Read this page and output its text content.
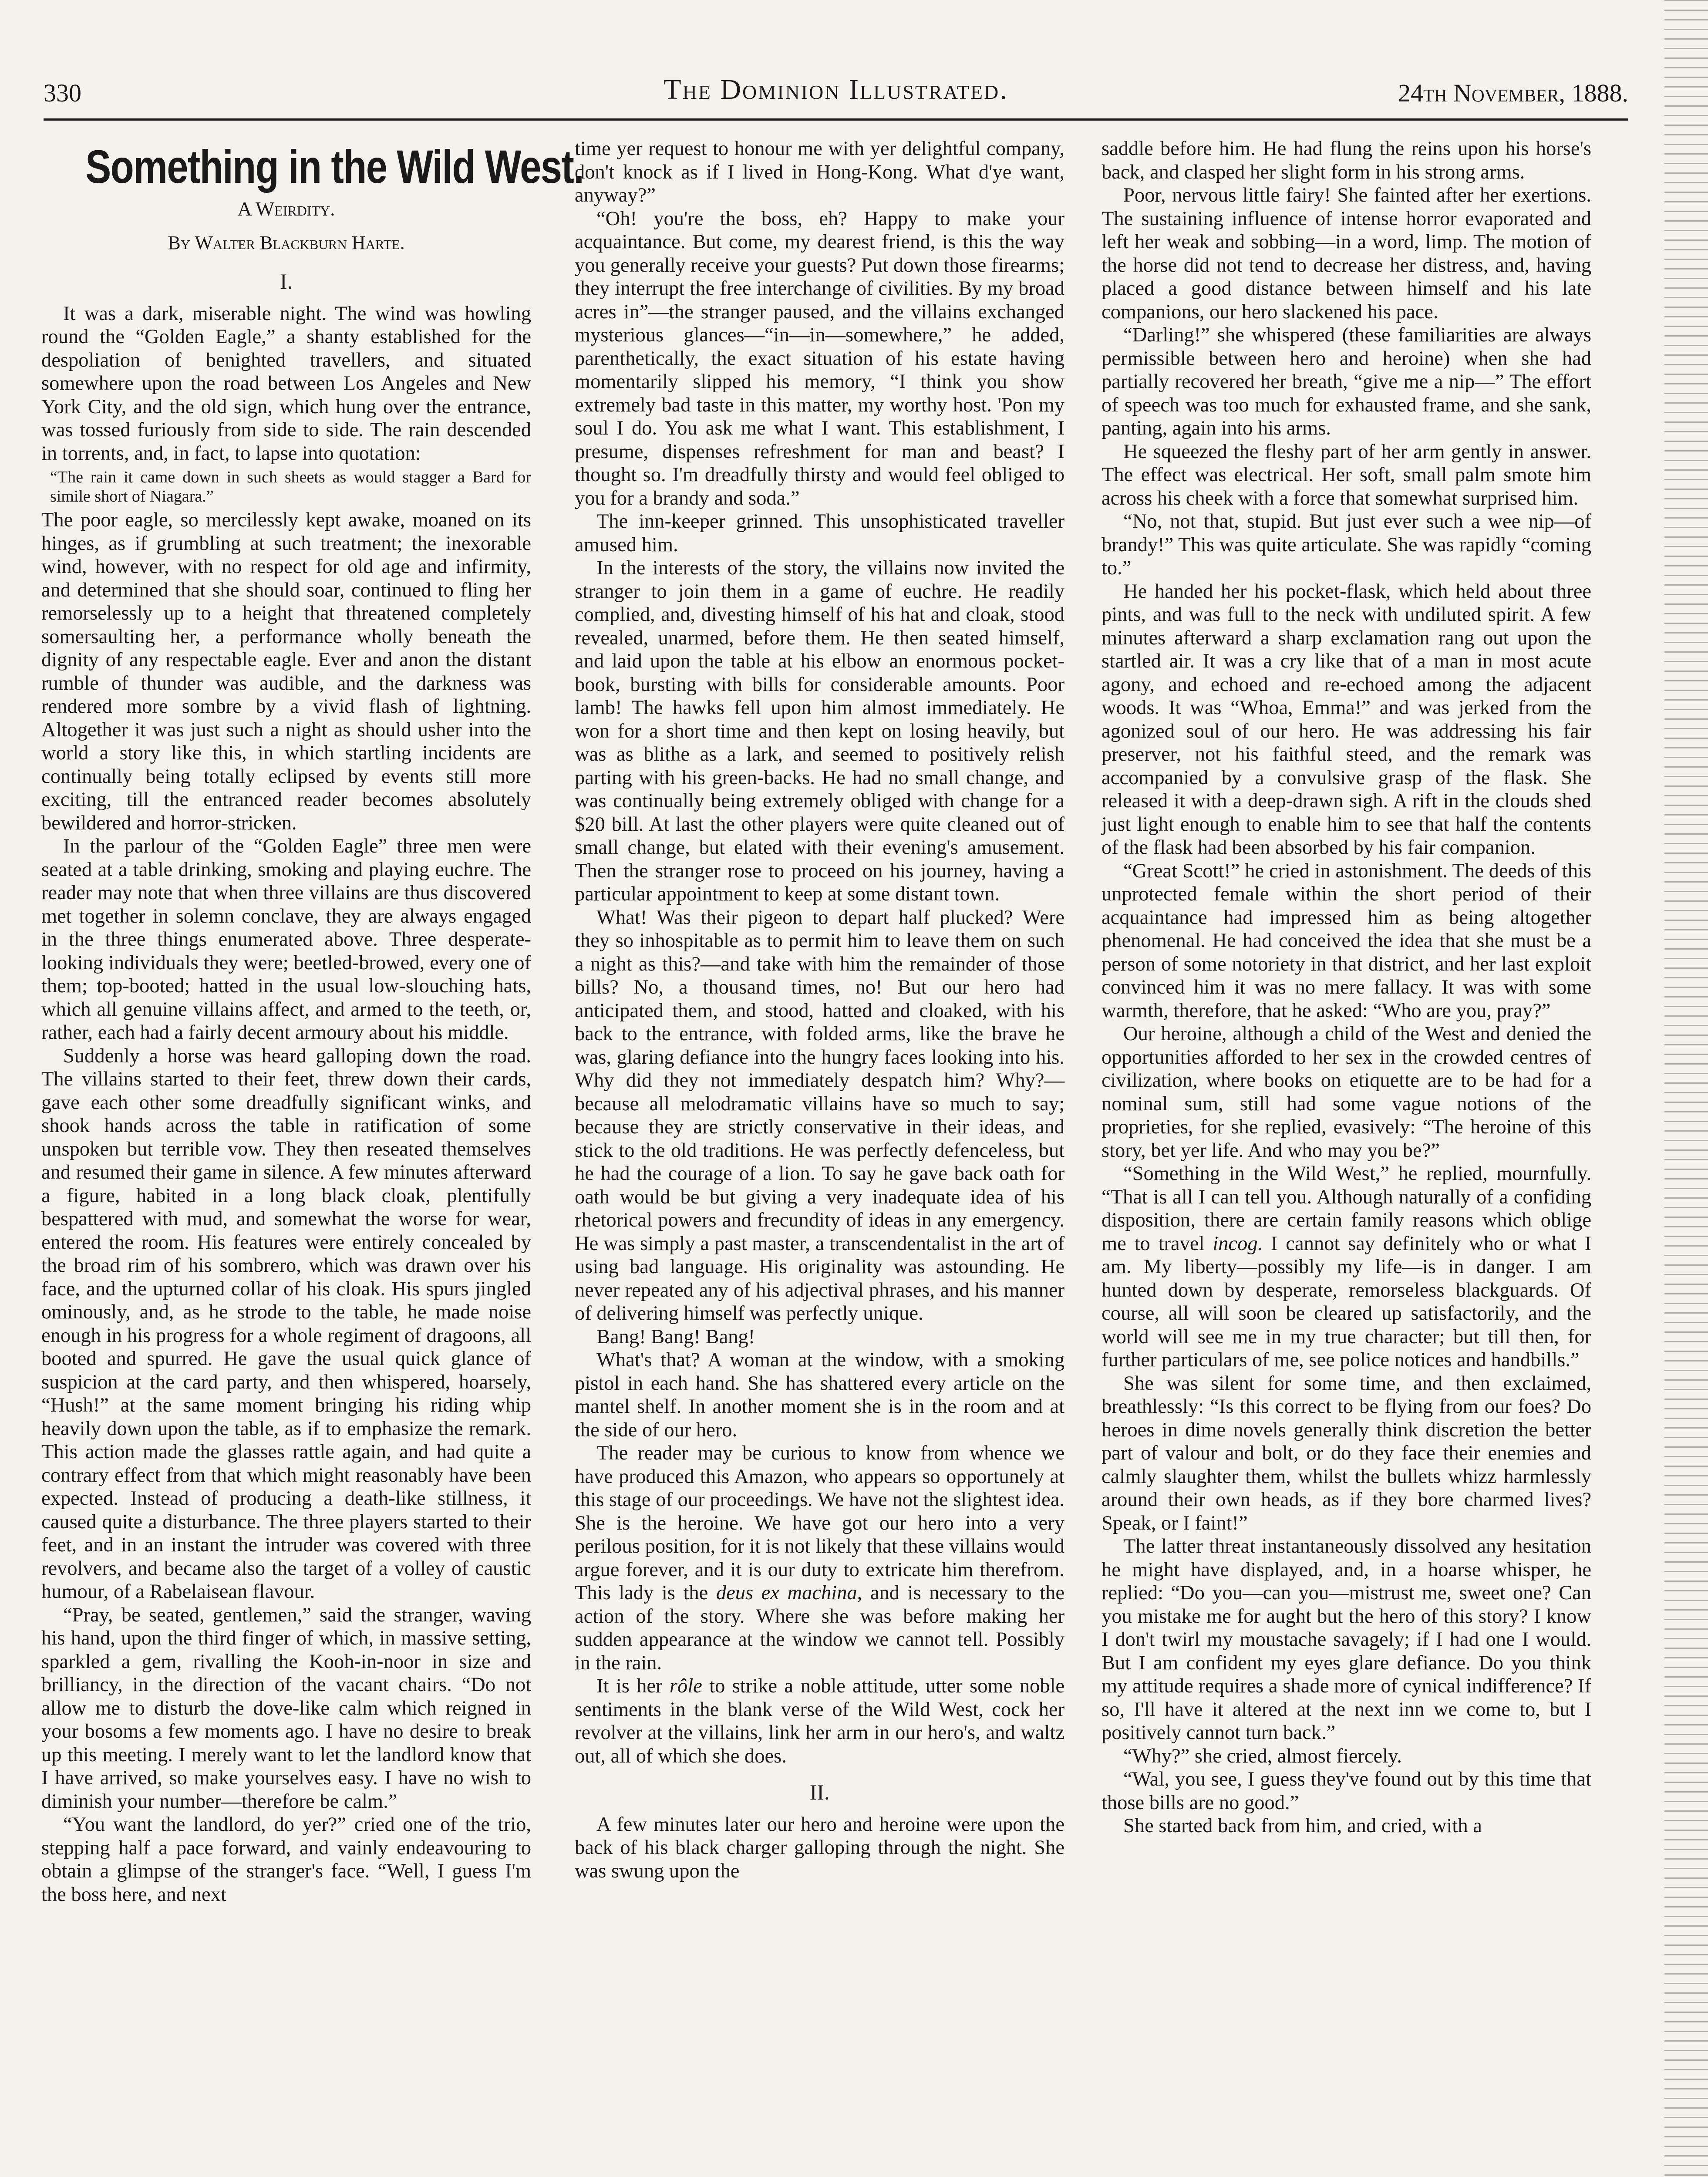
330	The Dominion Illustrated.	24th November, 1888.
Something in the Wild West.
A Weirdity.
By Walter Blackburn Harte.
I.

It was a dark, miserable night. The wind was howling round the “Golden Eagle,” a shanty established for the despoliation of benighted travellers, and situated somewhere upon the road between Los Angeles and New York City, and the old sign, which hung over the entrance, was tossed furiously from side to side. The rain descended in torrents, and, in fact, to lapse into quotation:

“The rain it came down in such sheets as would stagger a Bard for simile short of Niagara.”

The poor eagle, so mercilessly kept awake, moaned on its hinges, as if grumbling at such treatment; the inexorable wind, however, with no respect for old age and infirmity, and determined that she should soar, continued to fling her remorselessly up to a height that threatened completely somersaulting her, a performance wholly beneath the dignity of any respectable eagle. Ever and anon the distant rumble of thunder was audible, and the darkness was rendered more sombre by a vivid flash of lightning. Altogether it was just such a night as should usher into the world a story like this, in which startling incidents are continually being totally eclipsed by events still more exciting, till the entranced reader becomes absolutely bewildered and horror-stricken.

In the parlour of the “Golden Eagle” three men were seated at a table drinking, smoking and playing euchre. The reader may note that when three villains are thus discovered met together in solemn conclave, they are always engaged in the three things enumerated above. Three desperate-looking individuals they were; beetled-browed, every one of them; top-booted; hatted in the usual low-slouching hats, which all genuine villains affect, and armed to the teeth, or, rather, each had a fairly decent armoury about his middle.

Suddenly a horse was heard galloping down the road. The villains started to their feet, threw down their cards, gave each other some dreadfully significant winks, and shook hands across the table in ratification of some unspoken but terrible vow. They then reseated themselves and resumed their game in silence. A few minutes afterward a figure, habited in a long black cloak, plentifully bespattered with mud, and somewhat the worse for wear, entered the room. His features were entirely concealed by the broad rim of his sombrero, which was drawn over his face, and the upturned collar of his cloak. His spurs jingled ominously, and, as he strode to the table, he made noise enough in his progress for a whole regiment of dragoons, all booted and spurred. He gave the usual quick glance of suspicion at the card party, and then whispered, hoarsely, “Hush!” at the same moment bringing his riding whip heavily down upon the table, as if to emphasize the remark. This action made the glasses rattle again, and had quite a contrary effect from that which might reasonably have been expected. Instead of producing a death-like stillness, it caused quite a disturbance. The three players started to their feet, and in an instant the intruder was covered with three revolvers, and became also the target of a volley of caustic humour, of a Rabelaisean flavour.

“Pray, be seated, gentlemen,” said the stranger, waving his hand, upon the third finger of which, in massive setting, sparkled a gem, rivalling the Kooh-in-noor in size and brilliancy, in the direction of the vacant chairs. “Do not allow me to disturb the dove-like calm which reigned in your bosoms a few moments ago. I have no desire to break up this meeting. I merely want to let the landlord know that I have arrived, so make yourselves easy. I have no wish to diminish your number—therefore be calm.”

“You want the landlord, do yer?” cried one of the trio, stepping half a pace forward, and vainly endeavouring to obtain a glimpse of the stranger's face. “Well, I guess I'm the boss here, and next

time yer request to honour me with yer delightful company, don't knock as if I lived in Hong-Kong. What d'ye want, anyway?”

“Oh! you're the boss, eh? Happy to make your acquaintance. But come, my dearest friend, is this the way you generally receive your guests? Put down those firearms; they interrupt the free interchange of civilities. By my broad acres in”—the stranger paused, and the villains exchanged mysterious glances—“in—in—somewhere,” he added, parenthetically, the exact situation of his estate having momentarily slipped his memory, “I think you show extremely bad taste in this matter, my worthy host. 'Pon my soul I do. You ask me what I want. This establishment, I presume, dispenses refreshment for man and beast? I thought so. I'm dreadfully thirsty and would feel obliged to you for a brandy and soda.”

The inn-keeper grinned. This unsophisticated traveller amused him.

In the interests of the story, the villains now invited the stranger to join them in a game of euchre. He readily complied, and, divesting himself of his hat and cloak, stood revealed, unarmed, before them. He then seated himself, and laid upon the table at his elbow an enormous pocket-book, bursting with bills for considerable amounts. Poor lamb! The hawks fell upon him almost immediately. He won for a short time and then kept on losing heavily, but was as blithe as a lark, and seemed to positively relish parting with his green-backs. He had no small change, and was continually being extremely obliged with change for a $20 bill. At last the other players were quite cleaned out of small change, but elated with their evening's amusement. Then the stranger rose to proceed on his journey, having a particular appointment to keep at some distant town.

What! Was their pigeon to depart half plucked? Were they so inhospitable as to permit him to leave them on such a night as this?—and take with him the remainder of those bills? No, a thousand times, no! But our hero had anticipated them, and stood, hatted and cloaked, with his back to the entrance, with folded arms, like the brave he was, glaring defiance into the hungry faces looking into his. Why did they not immediately despatch him? Why?—because all melodramatic villains have so much to say; because they are strictly conservative in their ideas, and stick to the old traditions. He was perfectly defenceless, but he had the courage of a lion. To say he gave back oath for oath would be but giving a very inadequate idea of his rhetorical powers and frecundity of ideas in any emergency. He was simply a past master, a transcendentalist in the art of using bad language. His originality was astounding. He never repeated any of his adjectival phrases, and his manner of delivering himself was perfectly unique.

Bang! Bang! Bang!

What's that? A woman at the window, with a smoking pistol in each hand. She has shattered every article on the mantel shelf. In another moment she is in the room and at the side of our hero.

The reader may be curious to know from whence we have produced this Amazon, who appears so opportunely at this stage of our proceedings. We have not the slightest idea. She is the heroine. We have got our hero into a very perilous position, for it is not likely that these villains would argue forever, and it is our duty to extricate him therefrom. This lady is the deus ex machina, and is necessary to the action of the story. Where she was before making her sudden appearance at the window we cannot tell. Possibly in the rain.

It is her rôle to strike a noble attitude, utter some noble sentiments in the blank verse of the Wild West, cock her revolver at the villains, link her arm in our hero's, and waltz out, all of which she does.

II.

A few minutes later our hero and heroine were upon the back of his black charger galloping through the night. She was swung upon the

saddle before him. He had flung the reins upon his horse's back, and clasped her slight form in his strong arms.

Poor, nervous little fairy! She fainted after her exertions. The sustaining influence of intense horror evaporated and left her weak and sobbing—in a word, limp. The motion of the horse did not tend to decrease her distress, and, having placed a good distance between himself and his late companions, our hero slackened his pace.

“Darling!” she whispered (these familiarities are always permissible between hero and heroine) when she had partially recovered her breath, “give me a nip—” The effort of speech was too much for exhausted frame, and she sank, panting, again into his arms.

He squeezed the fleshy part of her arm gently in answer. The effect was electrical. Her soft, small palm smote him across his cheek with a force that somewhat surprised him.

“No, not that, stupid. But just ever such a wee nip—of brandy!” This was quite articulate. She was rapidly “coming to.”

He handed her his pocket-flask, which held about three pints, and was full to the neck with undiluted spirit. A few minutes afterward a sharp exclamation rang out upon the startled air. It was a cry like that of a man in most acute agony, and echoed and re-echoed among the adjacent woods. It was “Whoa, Emma!” and was jerked from the agonized soul of our hero. He was addressing his fair preserver, not his faithful steed, and the remark was accompanied by a convulsive grasp of the flask. She released it with a deep-drawn sigh. A rift in the clouds shed just light enough to enable him to see that half the contents of the flask had been absorbed by his fair companion.

“Great Scott!” he cried in astonishment. The deeds of this unprotected female within the short period of their acquaintance had impressed him as being altogether phenomenal. He had conceived the idea that she must be a person of some notoriety in that district, and her last exploit convinced him it was no mere fallacy. It was with some warmth, therefore, that he asked: “Who are you, pray?”

Our heroine, although a child of the West and denied the opportunities afforded to her sex in the crowded centres of civilization, where books on etiquette are to be had for a nominal sum, still had some vague notions of the proprieties, for she replied, evasively: “The heroine of this story, bet yer life. And who may you be?”

“Something in the Wild West,” he replied, mournfully. “That is all I can tell you. Although naturally of a confiding disposition, there are certain family reasons which oblige me to travel incog. I cannot say definitely who or what I am. My liberty—possibly my life—is in danger. I am hunted down by desperate, remorseless blackguards. Of course, all will soon be cleared up satisfactorily, and the world will see me in my true character; but till then, for further particulars of me, see police notices and handbills.”

She was silent for some time, and then exclaimed, breathlessly: “Is this correct to be flying from our foes? Do heroes in dime novels generally think discretion the better part of valour and bolt, or do they face their enemies and calmly slaughter them, whilst the bullets whizz harmlessly around their own heads, as if they bore charmed lives? Speak, or I faint!”

The latter threat instantaneously dissolved any hesitation he might have displayed, and, in a hoarse whisper, he replied: “Do you—can you—mistrust me, sweet one? Can you mistake me for aught but the hero of this story? I know I don't twirl my moustache savagely; if I had one I would. But I am confident my eyes glare defiance. Do you think my attitude requires a shade more of cynical indifference? If so, I'll have it altered at the next inn we come to, but I positively cannot turn back.”

“Why?” she cried, almost fiercely.

“Wal, you see, I guess they've found out by this time that those bills are no good.”

She started back from him, and cried, with a
